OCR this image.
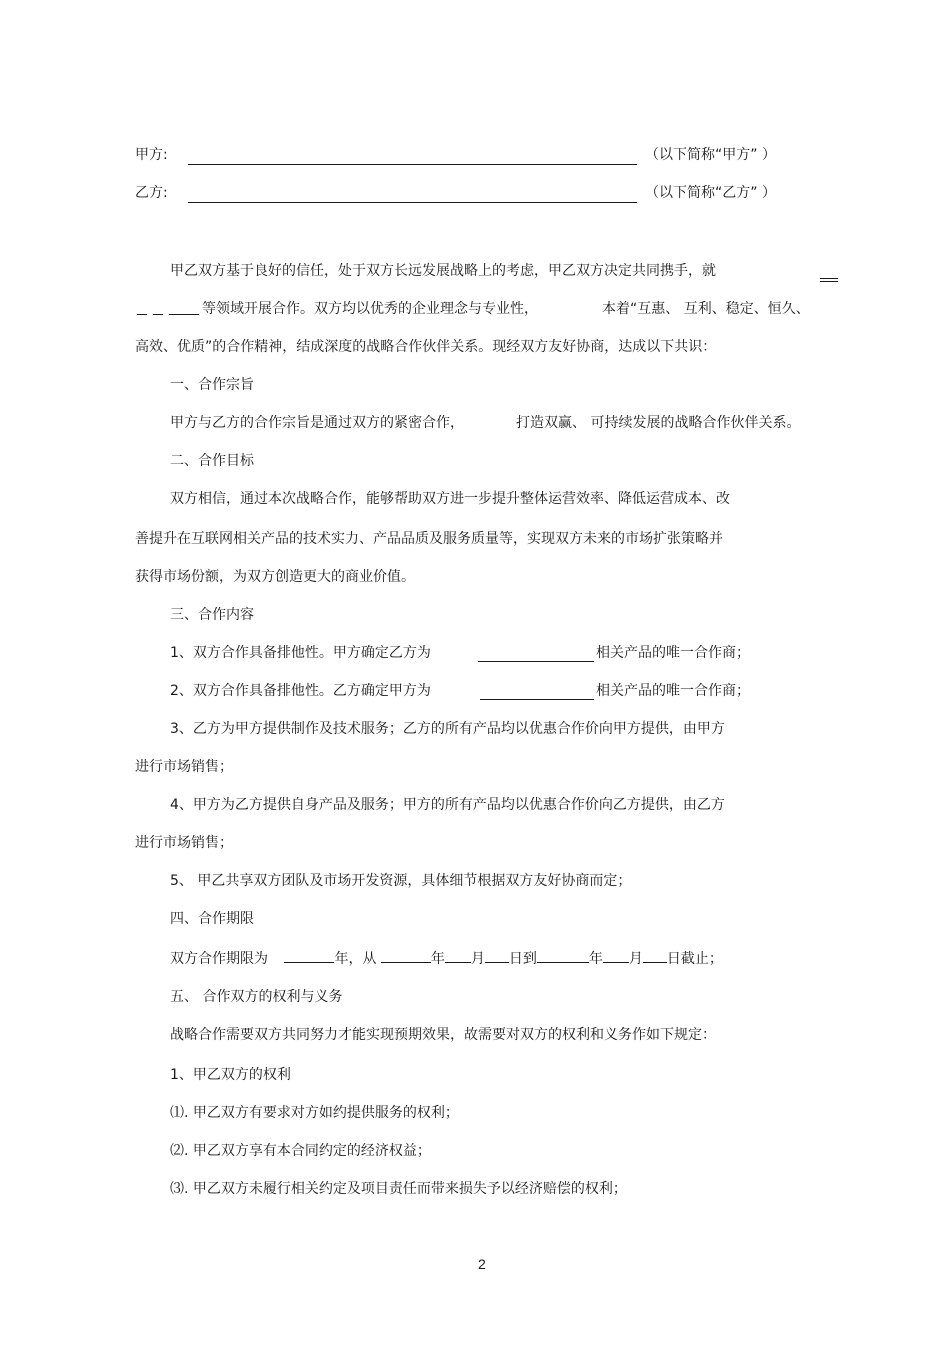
甲方:	（以下简称“甲方” ）
乙方:	（以下简称“乙方” ）
甲乙双方基于良好的信任，处于双方长远发展战略上的考虑，甲乙双方决定共同携手，就
等领域开展合作。双方均以优秀的企业理念与专业性，	本着“互惠、 互利、稳定、恒久、
高效、优质”的合作精神，结成深度的战略合作伙伴关系。现经双方友好协商，达成以下共识：
一、合作宗旨
甲方与乙方的合作宗旨是通过双方的紧密合作，	打造双赢、 可持续发展的战略合作伙伴关系。
二、合作目标
双方相信，通过本次战略合作，能够帮助双方进一步提升整体运营效率、降低运营成本、改
善提升在互联网相关产品的技术实力、产品品质及服务质量等，实现双方未来的市场扩张策略并
获得市场份额，为双方创造更大的商业价值。
三、合作内容
1、双方合作具备排他性。甲方确定乙方为	相关产品的唯一合作商；
2、双方合作具备排他性。乙方确定甲方为	相关产品的唯一合作商；
3、乙方为甲方提供制作及技术服务；乙方的所有产品均以优惠合作价向甲方提供，由甲方
进行市场销售；
4、甲方为乙方提供自身产品及服务；甲方的所有产品均以优惠合作价向乙方提供，由乙方
进行市场销售；
5、 甲乙共享双方团队及市场开发资源，具体细节根据双方友好协商而定；
四、合作期限
双方合作期限为	年，从	年 月 日到	年 月 日截止；
五、 合作双方的权利与义务
战略合作需要双方共同努力才能实现预期效果，故需要对双方的权利和义务作如下规定：
1、甲乙双方的权利
⑴. 甲乙双方有要求对方如约提供服务的权利；
⑵. 甲乙双方享有本合同约定的经济权益；
⑶. 甲乙双方未履行相关约定及项目责任而带来损失予以经济赔偿的权利；
2
